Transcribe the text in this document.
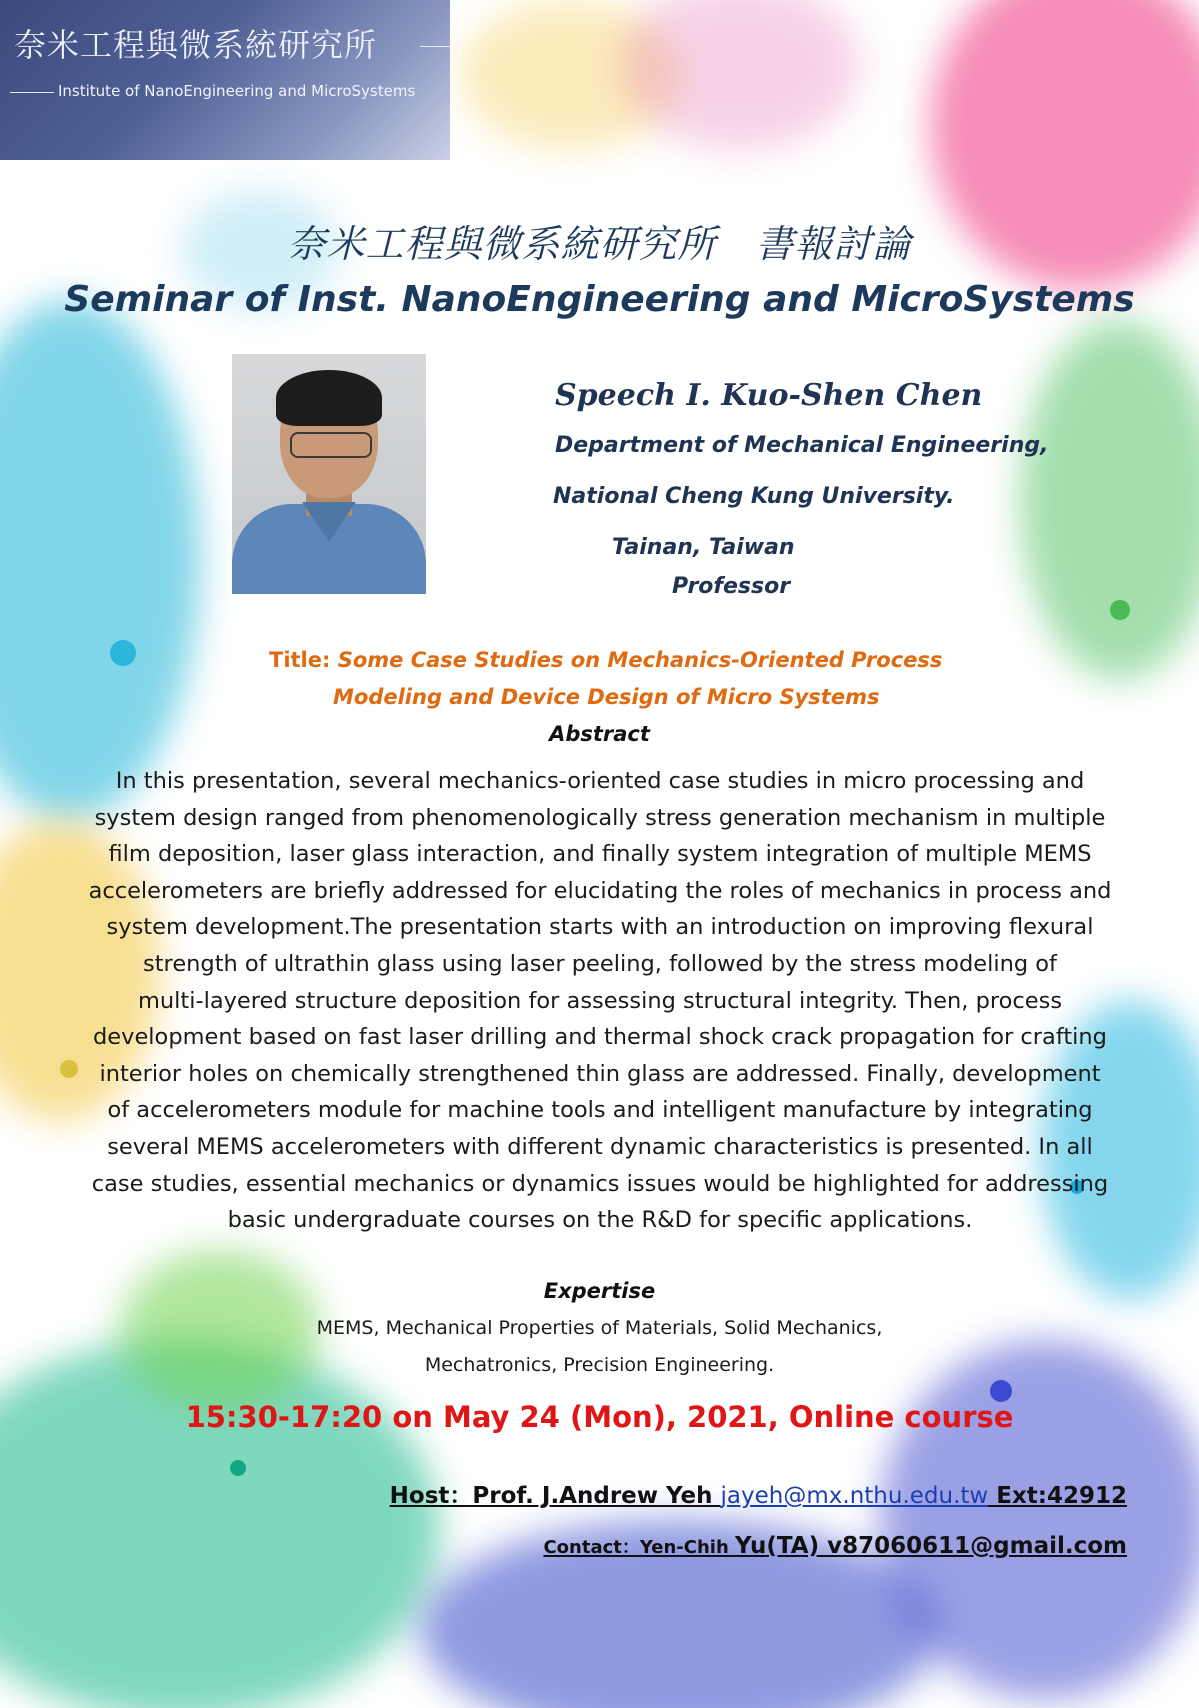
奈米工程與微系統研究所
Institute of NanoEngineering and MicroSystems
奈米工程與微系統研究所　書報討論
Seminar of Inst. NanoEngineering and MicroSystems
Speech I. Kuo-Shen Chen
Department of Mechanical Engineering,
National Cheng Kung University.
Tainan, Taiwan
Professor
Title: Some Case Studies on Mechanics-Oriented Process
Modeling and Device Design of Micro Systems
Abstract
In this presentation, several mechanics-oriented case studies in micro processing and
system design ranged from phenomenologically stress generation mechanism in multiple
film deposition, laser glass interaction, and finally system integration of multiple MEMS
accelerometers are briefly addressed for elucidating the roles of mechanics in process and
system development.The presentation starts with an introduction on improving flexural
strength of ultrathin glass using laser peeling, followed by the stress modeling of
multi-layered structure deposition for assessing structural integrity. Then, process
development based on fast laser drilling and thermal shock crack propagation for crafting
interior holes on chemically strengthened thin glass are addressed. Finally, development
of accelerometers module for machine tools and intelligent manufacture by integrating
several MEMS accelerometers with different dynamic characteristics is presented. In all
case studies, essential mechanics or dynamics issues would be highlighted for addressing
basic undergraduate courses on the R&D for specific applications.
Expertise
MEMS, Mechanical Properties of Materials, Solid Mechanics,
Mechatronics, Precision Engineering.
15:30-17:20 on May 24 (Mon), 2021, Online course
Host：Prof. J.Andrew Yeh jayeh@mx.nthu.edu.tw Ext:42912
Contact：Yen-Chih Yu(TA) v87060611@gmail.com
